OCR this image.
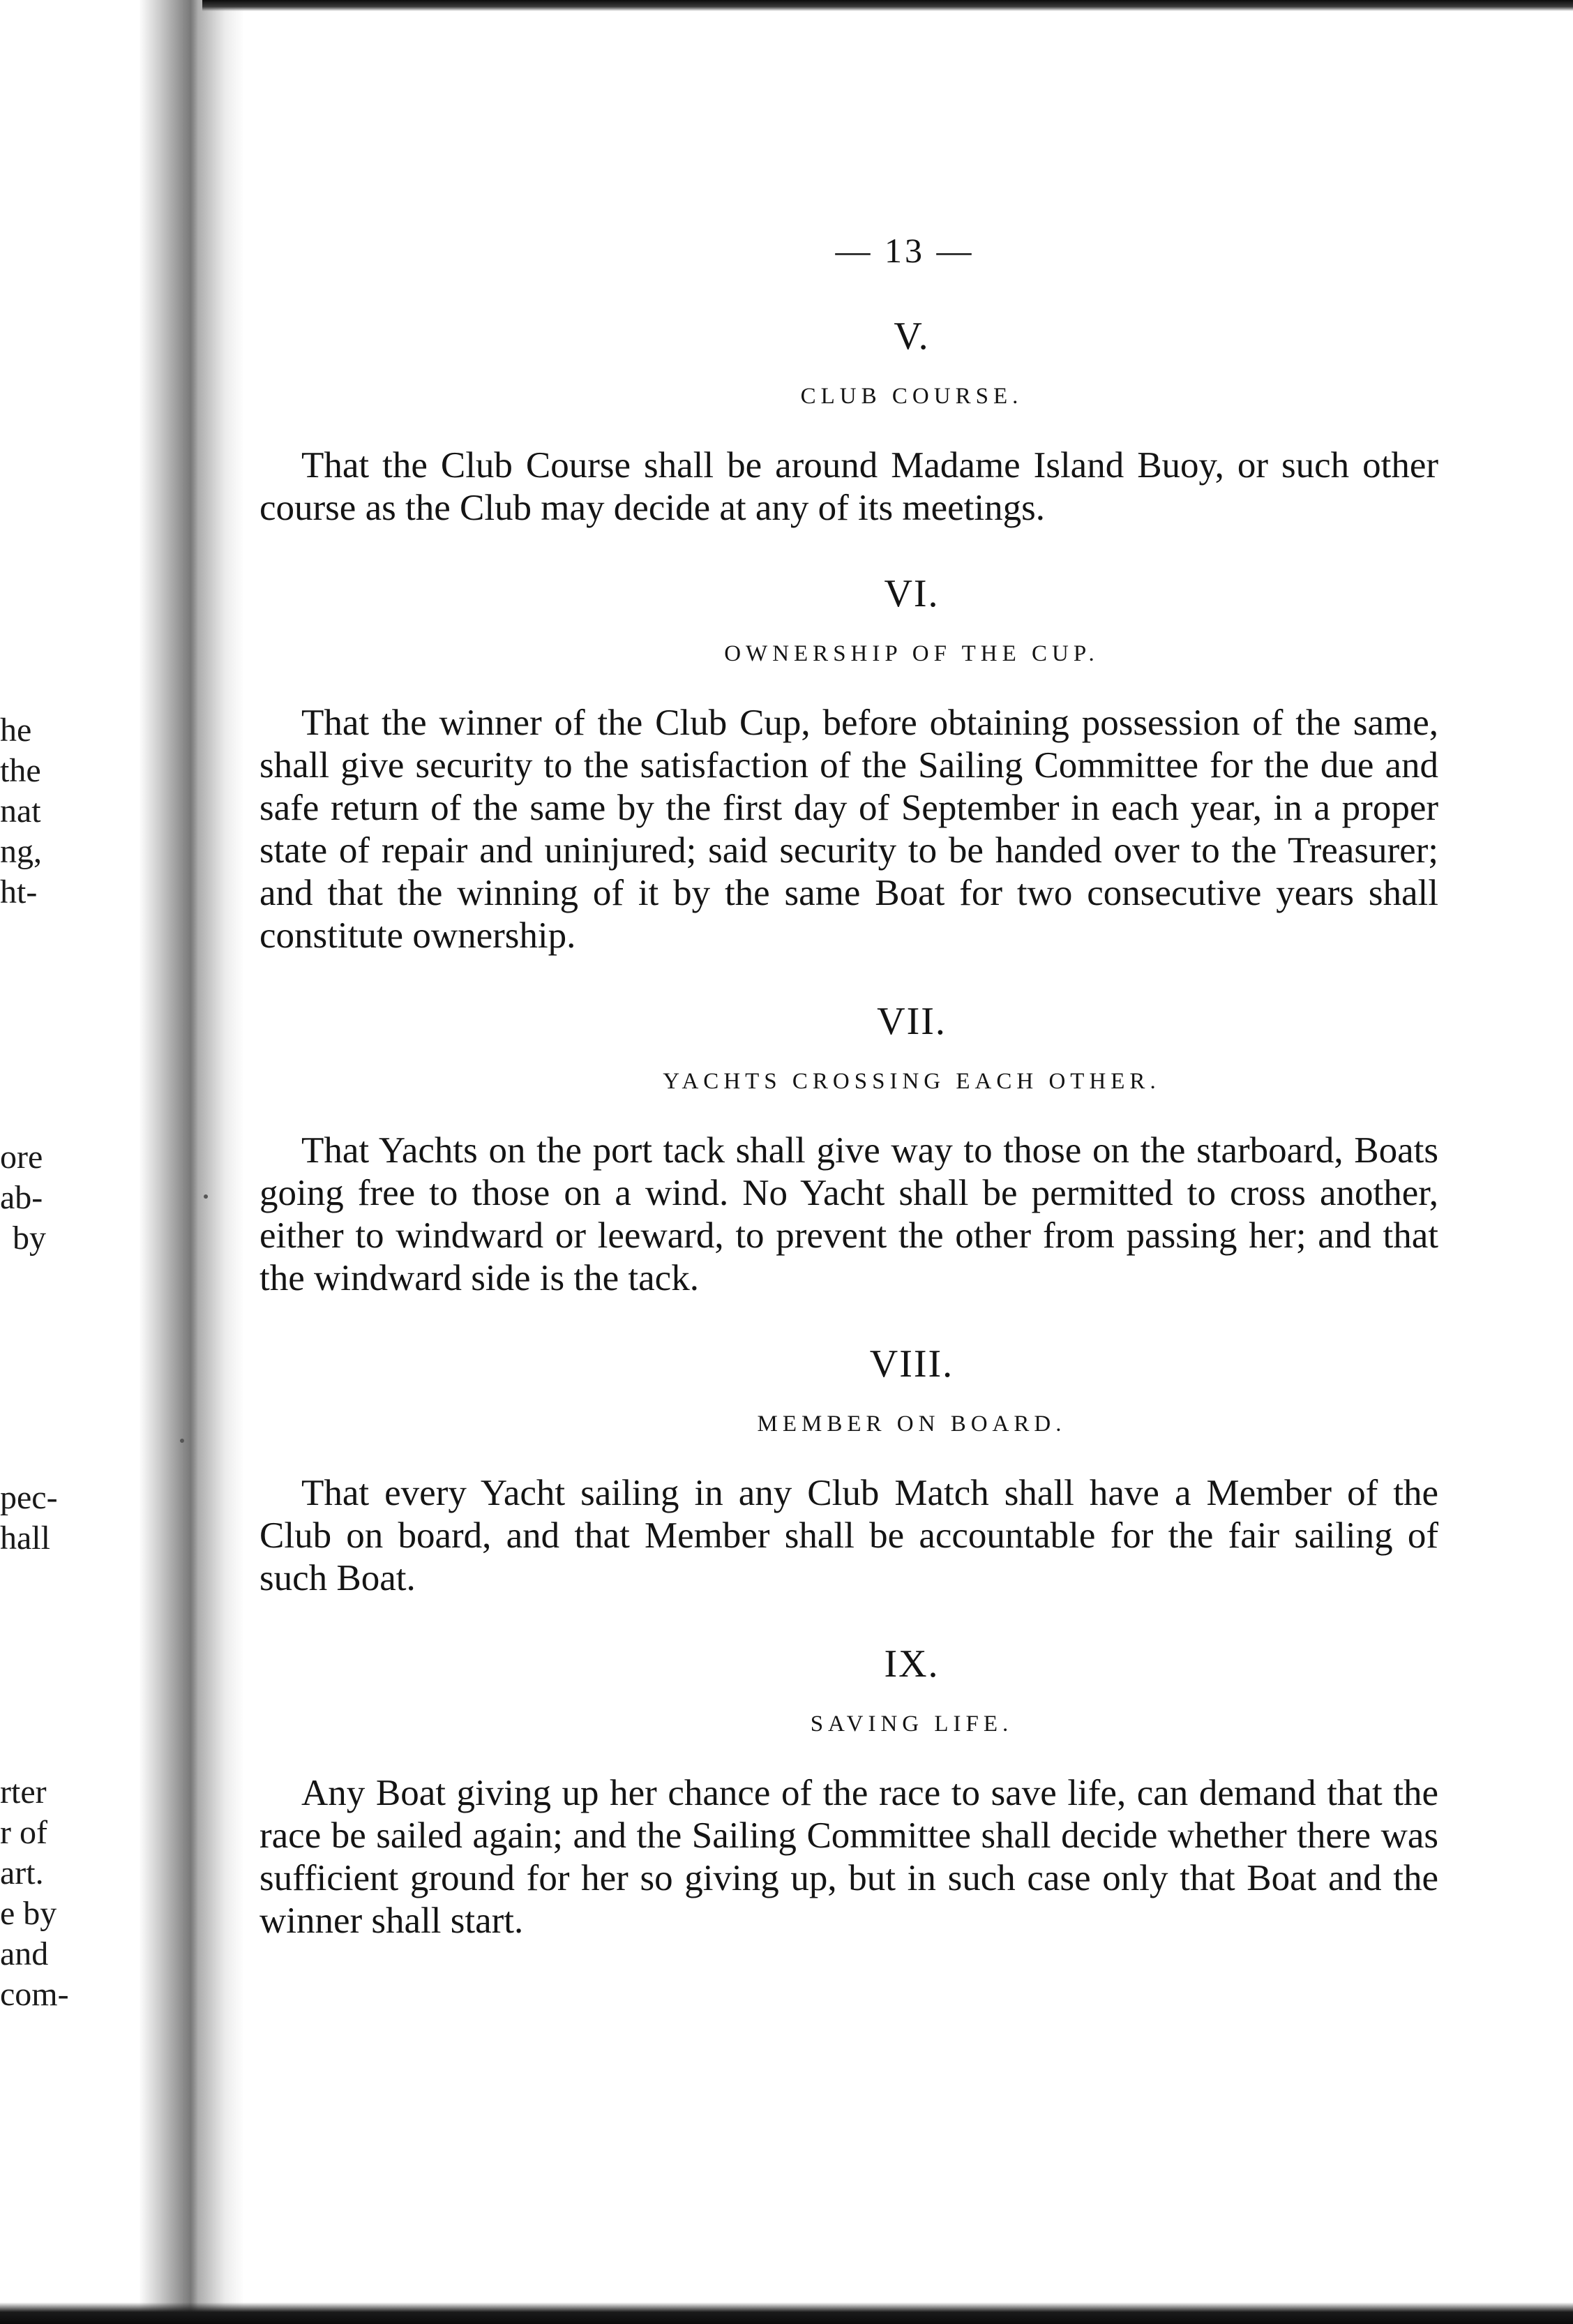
he
the
nat
ng,
ht-
ore
ab-
by
pec-
hall
rter
r of
art.
e by
and
com-
— 13 —
V.
CLUB COURSE.

That the Club Course shall be around Madame Island Buoy, or such other course as the Club may decide at any of its meetings.

VI.
OWNERSHIP OF THE CUP.

That the winner of the Club Cup, before obtaining possession of the same, shall give security to the satisfaction of the Sailing Committee for the due and safe return of the same by the first day of September in each year, in a proper state of repair and uninjured; said security to be handed over to the Treasurer; and that the winning of it by the same Boat for two consecutive years shall constitute ownership.

VII.
YACHTS CROSSING EACH OTHER.

That Yachts on the port tack shall give way to those on the starboard, Boats going free to those on a wind. No Yacht shall be permitted to cross another, either to windward or leeward, to prevent the other from passing her; and that the windward side is the tack.

VIII.
MEMBER ON BOARD.

That every Yacht sailing in any Club Match shall have a Member of the Club on board, and that Member shall be accountable for the fair sailing of such Boat.

IX.
SAVING LIFE.

Any Boat giving up her chance of the race to save life, can demand that the race be sailed again; and the Sailing Committee shall decide whether there was sufficient ground for her so giving up, but in such case only that Boat and the winner shall start.
